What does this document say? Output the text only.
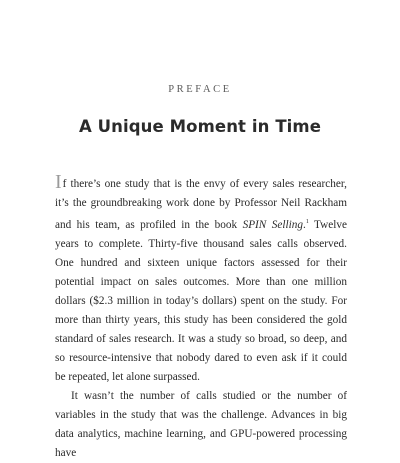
PREFACE
A Unique Moment in Time

If there’s one study that is the envy of every sales researcher, it’s the groundbreaking work done by Professor Neil Rackham and his team, as profiled in the book SPIN Selling.$^1$ Twelve years to complete. Thirty-five thousand sales calls observed. One hundred and sixteen unique factors assessed for their potential impact on sales outcomes. More than one million dollars ($2.3 million in today’s dollars) spent on the study. For more than thirty years, this study has been considered the gold standard of sales research. It was a study so broad, so deep, and so resource-intensive that nobody dared to even ask if it could be repeated, let alone surpassed.

It wasn’t the number of calls studied or the number of variables in the study that was the challenge. Advances in big data analytics, machine learning, and GPU-powered processing have
